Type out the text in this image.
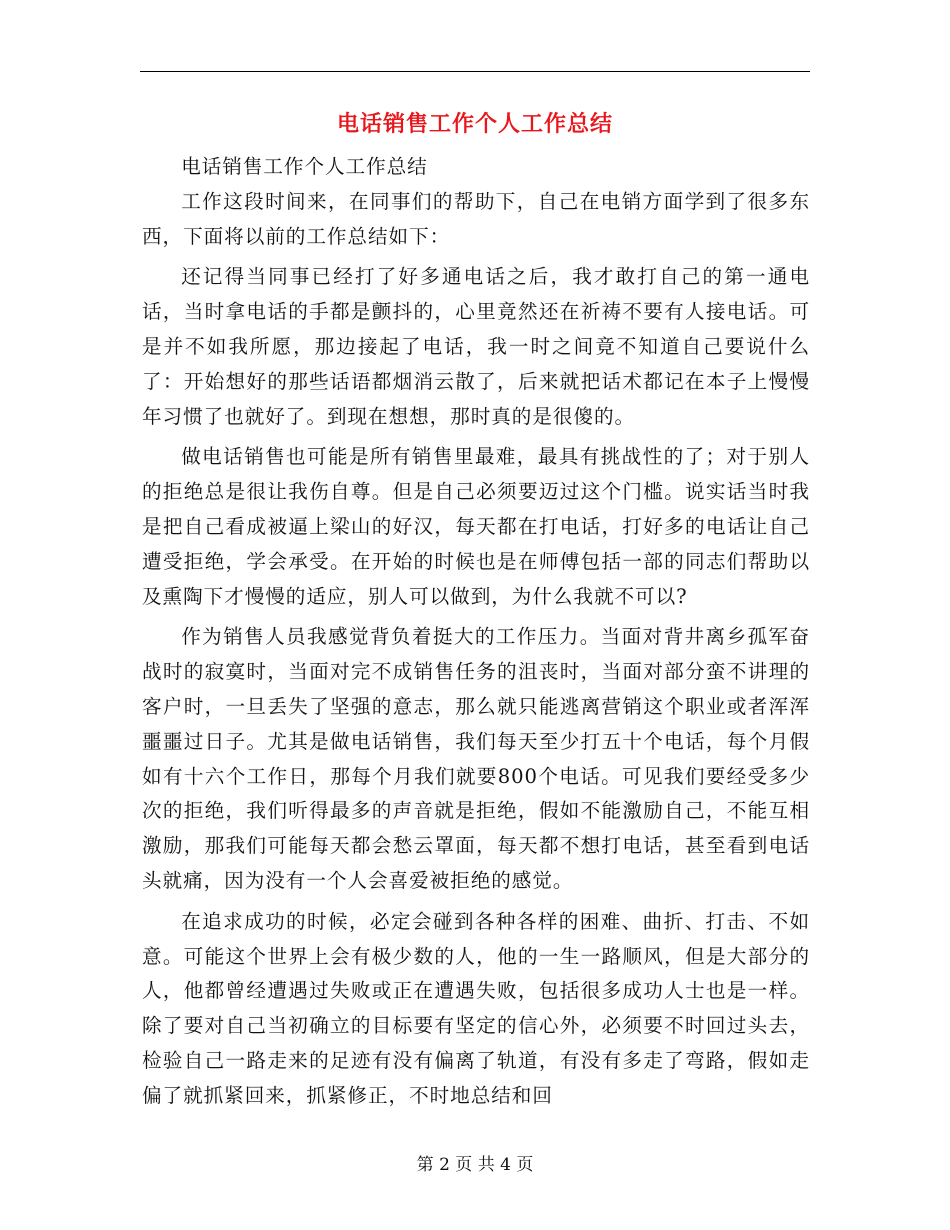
电话销售工作个人工作总结

电话销售工作个人工作总结

工作这段时间来，在同事们的帮助下，自己在电销方面学到了很多东西，下面将以前的工作总结如下：

还记得当同事已经打了好多通电话之后，我才敢打自己的第一通电话，当时拿电话的手都是颤抖的，心里竟然还在祈祷不要有人接电话。可是并不如我所愿，那边接起了电话，我一时之间竟不知道自己要说什么了：开始想好的那些话语都烟消云散了，后来就把话术都记在本子上慢慢年习惯了也就好了。到现在想想，那时真的是很傻的。

做电话销售也可能是所有销售里最难，最具有挑战性的了；对于别人的拒绝总是很让我伤自尊。但是自己必须要迈过这个门槛。说实话当时我是把自己看成被逼上梁山的好汉，每天都在打电话，打好多的电话让自己遭受拒绝，学会承受。在开始的时候也是在师傅包括一部的同志们帮助以及熏陶下才慢慢的适应，别人可以做到，为什么我就不可以?

作为销售人员我感觉背负着挺大的工作压力。当面对背井离乡孤军奋战时的寂寞时，当面对完不成销售任务的沮丧时，当面对部分蛮不讲理的客户时，一旦丢失了坚强的意志，那么就只能逃离营销这个职业或者浑浑噩噩过日子。尤其是做电话销售，我们每天至少打五十个电话，每个月假如有十六个工作日，那每个月我们就要800个电话。可见我们要经受多少次的拒绝，我们听得最多的声音就是拒绝，假如不能激励自己，不能互相激励，那我们可能每天都会愁云罩面，每天都不想打电话，甚至看到电话头就痛，因为没有一个人会喜爱被拒绝的感觉。

在追求成功的时候，必定会碰到各种各样的困难、曲折、打击、不如意。可能这个世界上会有极少数的人，他的一生一路顺风，但是大部分的人，他都曾经遭遇过失败或正在遭遇失败，包括很多成功人士也是一样。除了要对自己当初确立的目标要有坚定的信心外，必须要不时回过头去，检验自己一路走来的足迹有没有偏离了轨道，有没有多走了弯路，假如走偏了就抓紧回来，抓紧修正，不时地总结和回

第 2 页 共 4 页
